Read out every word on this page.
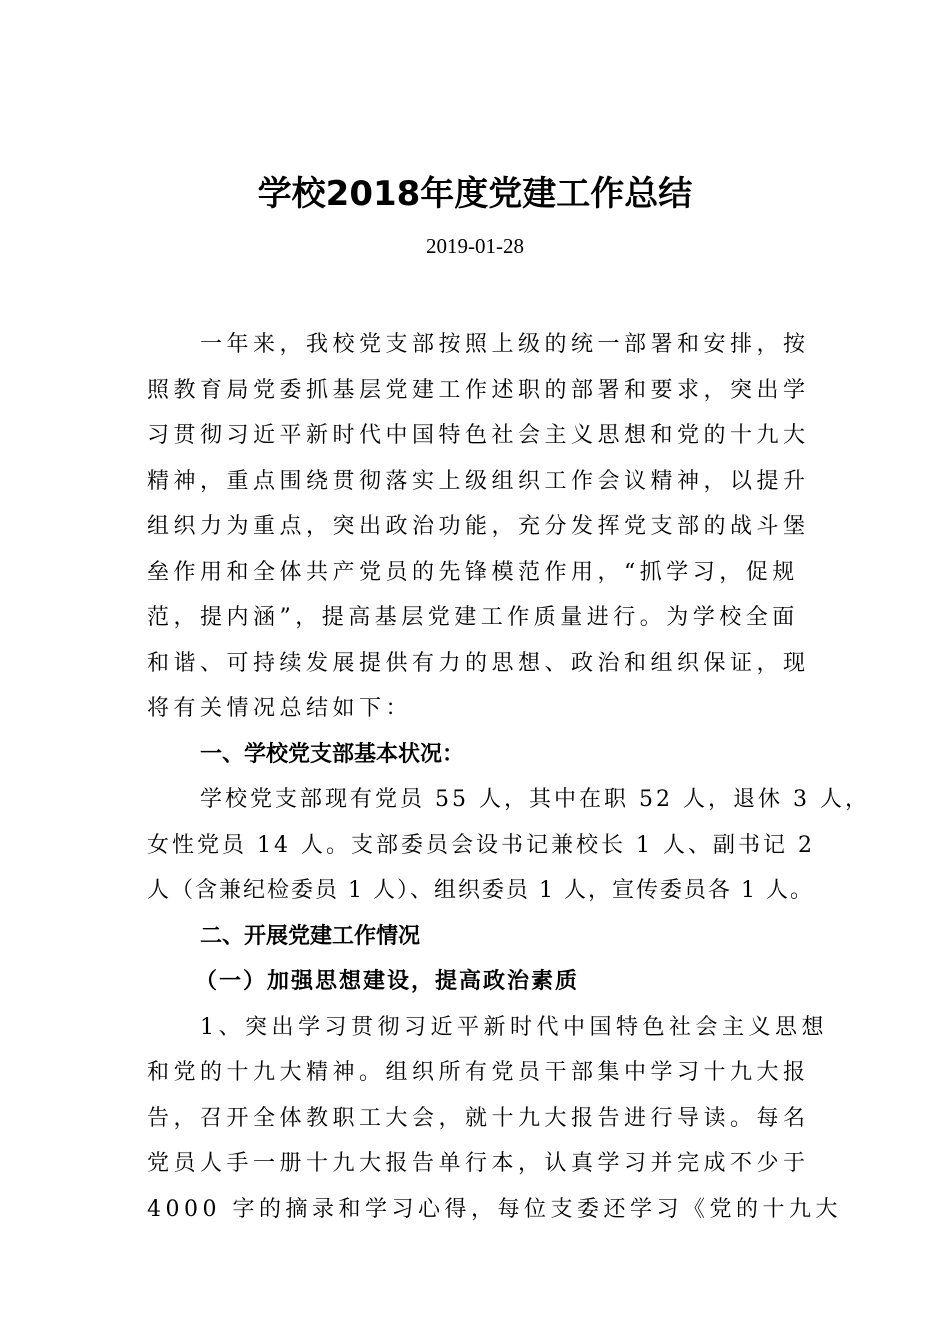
学校2018年度党建工作总结
2019-01-28

一年来，我校党支部按照上级的统一部署和安排，按
照教育局党委抓基层党建工作述职的部署和要求，突出学
习贯彻习近平新时代中国特色社会主义思想和党的十九大
精神，重点围绕贯彻落实上级组织工作会议精神，以提升
组织力为重点，突出政治功能，充分发挥党支部的战斗堡
垒作用和全体共产党员的先锋模范作用，“抓学习，促规
范，提内涵”，提高基层党建工作质量进行。为学校全面
和谐、可持续发展提供有力的思想、政治和组织保证，现
将有关情况总结如下：

一、学校党支部基本状况：

学校党支部现有党员 55 人，其中在职 52 人，退休 3 人，
女性党员 14 人。支部委员会设书记兼校长 1 人、副书记 2
人（含兼纪检委员 1 人）、组织委员 1 人，宣传委员各 1 人。

二、开展党建工作情况

（一）加强思想建设，提高政治素质

1、突出学习贯彻习近平新时代中国特色社会主义思想
和党的十九大精神。组织所有党员干部集中学习十九大报
告，召开全体教职工大会，就十九大报告进行导读。每名
党员人手一册十九大报告单行本，认真学习并完成不少于
4000 字的摘录和学习心得，每位支委还学习《党的十九大
